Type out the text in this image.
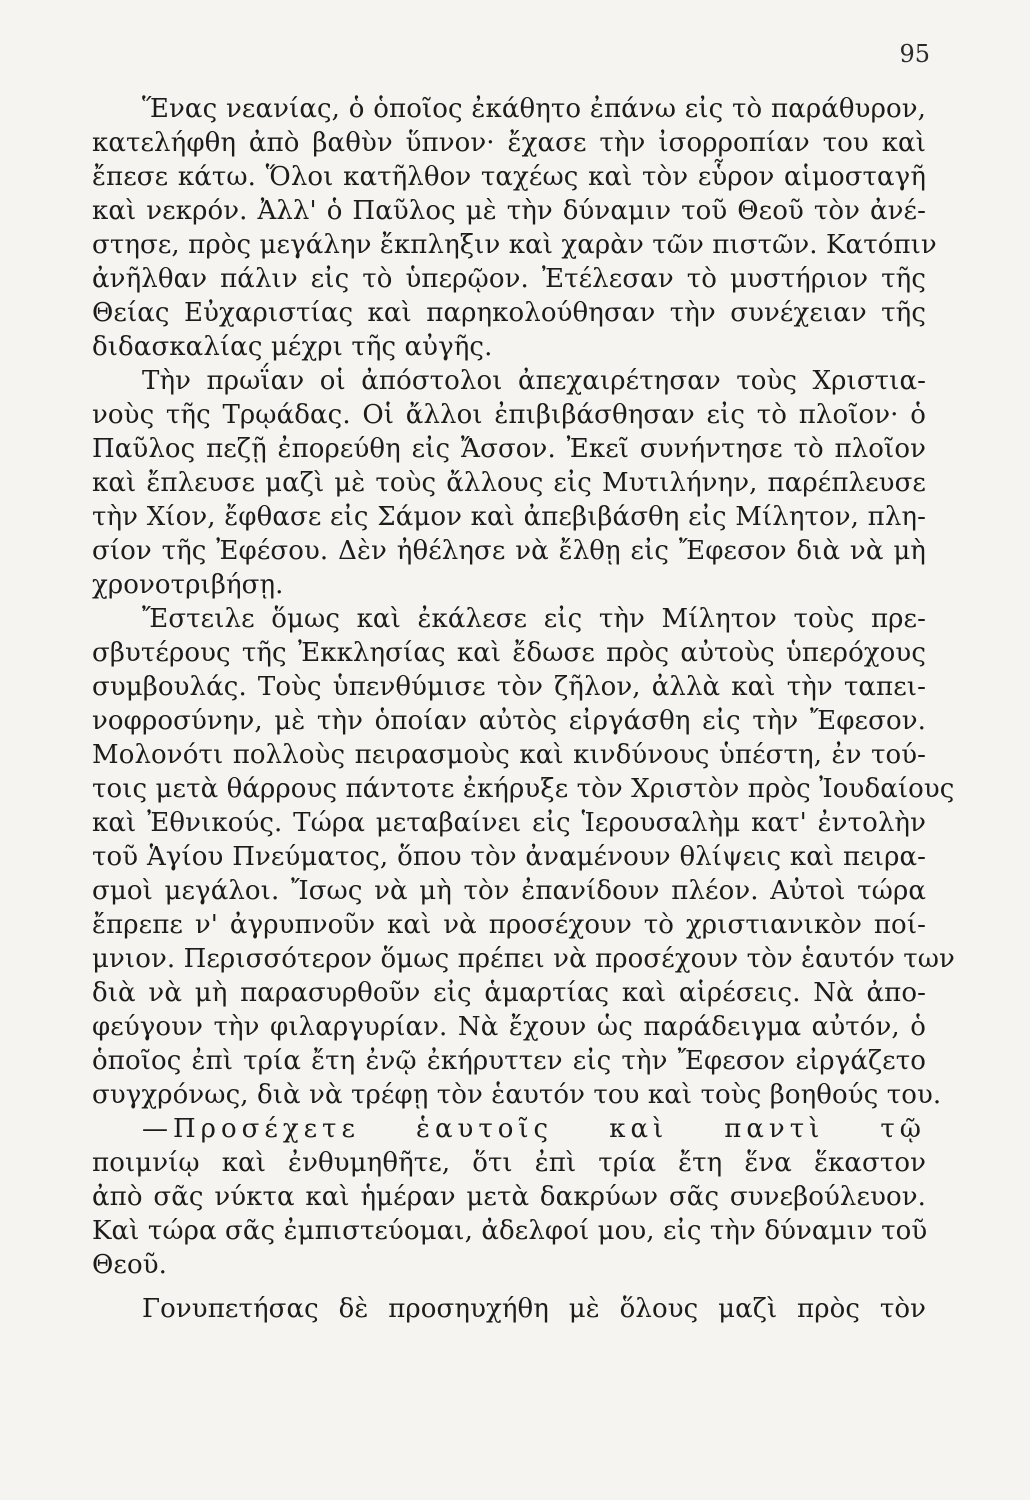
95
Ἕνας νεανίας, ὁ ὁποῖος ἐκάθητο ἐπάνω εἰς τὸ παράθυρον,
κατελήφθη ἀπὸ βαθὺν ὕπνον· ἔχασε τὴν ἰσορροπίαν του καὶ
ἔπεσε κάτω. Ὅλοι κατῆλθον ταχέως καὶ τὸν εὗρον αἱμοσταγῆ
καὶ νεκρόν. Ἀλλ' ὁ Παῦλος μὲ τὴν δύναμιν τοῦ Θεοῦ τὸν ἀνέ-
στησε, πρὸς μεγάλην ἔκπληξιν καὶ χαρὰν τῶν πιστῶν. Κατόπιν
ἀνῆλθαν πάλιν εἰς τὸ ὑπερῷον. Ἐτέλεσαν τὸ μυστήριον τῆς
Θείας Εὐχαριστίας καὶ παρηκολούθησαν τὴν συνέχειαν τῆς
διδασκαλίας μέχρι τῆς αὐγῆς.
Τὴν πρωΐαν οἱ ἀπόστολοι ἀπεχαιρέτησαν τοὺς Χριστια-
νοὺς τῆς Τρῳάδας. Οἱ ἄλλοι ἐπιβιβάσθησαν εἰς τὸ πλοῖον· ὁ
Παῦλος πεζῇ ἐπορεύθη εἰς Ἄσσον. Ἐκεῖ συνήντησε τὸ πλοῖον
καὶ ἔπλευσε μαζὶ μὲ τοὺς ἄλλους εἰς Μυτιλήνην, παρέπλευσε
τὴν Χίον, ἔφθασε εἰς Σάμον καὶ ἀπεβιβάσθη εἰς Μίλητον, πλη-
σίον τῆς Ἐφέσου. Δὲν ἠθέλησε νὰ ἔλθῃ εἰς Ἔφεσον διὰ νὰ μὴ
χρονοτριβήσῃ.
Ἔστειλε ὅμως καὶ ἐκάλεσε εἰς τὴν Μίλητον τοὺς πρε-
σβυτέρους τῆς Ἐκκλησίας καὶ ἔδωσε πρὸς αὐτοὺς ὑπερόχους
συμβουλάς. Τοὺς ὑπενθύμισε τὸν ζῆλον, ἀλλὰ καὶ τὴν ταπει-
νοφροσύνην, μὲ τὴν ὁποίαν αὐτὸς εἰργάσθη εἰς τὴν Ἔφεσον.
Μολονότι πολλοὺς πειρασμοὺς καὶ κινδύνους ὑπέστη, ἐν τού-
τοις μετὰ θάρρους πάντοτε ἐκήρυξε τὸν Χριστὸν πρὸς Ἰουδαίους
καὶ Ἐθνικούς. Τώρα μεταβαίνει εἰς Ἱερουσαλὴμ κατ' ἐντολὴν
τοῦ Ἁγίου Πνεύματος, ὅπου τὸν ἀναμένουν θλίψεις καὶ πειρα-
σμοὶ μεγάλοι. Ἴσως νὰ μὴ τὸν ἐπανίδουν πλέον. Αὐτοὶ τώρα
ἔπρεπε ν' ἀγρυπνοῦν καὶ νὰ προσέχουν τὸ χριστιανικὸν ποί-
μνιον. Περισσότερον ὅμως πρέπει νὰ προσέχουν τὸν ἑαυτόν των
διὰ νὰ μὴ παρασυρθοῦν εἰς ἁμαρτίας καὶ αἱρέσεις. Νὰ ἀπο-
φεύγουν τὴν φιλαργυρίαν. Νὰ ἔχουν ὡς παράδειγμα αὐτόν, ὁ
ὁποῖος ἐπὶ τρία ἔτη ἐνῷ ἐκήρυττεν εἰς τὴν Ἔφεσον εἰργάζετο
συγχρόνως, διὰ νὰ τρέφῃ τὸν ἑαυτόν του καὶ τοὺς βοηθούς του.
—Προσέχετε ἑαυτοῖς καὶ παντὶ τῷ
ποιμνίῳ καὶ ἐνθυμηθῆτε, ὅτι ἐπὶ τρία ἔτη ἕνα ἕκαστον
ἀπὸ σᾶς νύκτα καὶ ἡμέραν μετὰ δακρύων σᾶς συνεβούλευον.
Καὶ τώρα σᾶς ἐμπιστεύομαι, ἀδελφοί μου, εἰς τὴν δύναμιν τοῦ
Θεοῦ.
Γονυπετήσας δὲ προσηυχήθη μὲ ὅλους μαζὶ πρὸς τὸν
